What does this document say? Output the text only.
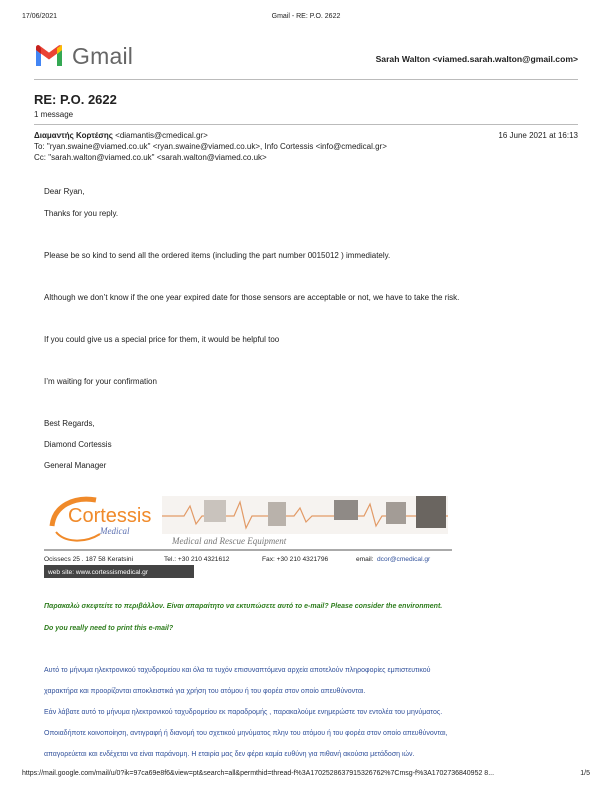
17/06/2021	Gmail - RE: P.O. 2622
Gmail	Sarah Walton <viamed.sarah.walton@gmail.com>
RE: P.O. 2622
1 message
Διαμαντής Κορτέσης <diamantis@cmedical.gr>	16 June 2021 at 16:13
To: "ryan.swaine@viamed.co.uk" <ryan.swaine@viamed.co.uk>, Info Cortessis <info@cmedical.gr>
Cc: "sarah.walton@viamed.co.uk" <sarah.walton@viamed.co.uk>

Dear Ryan,

Thanks for you reply.

Please be so kind to send all the ordered items (including the part number 0015012 ) immediately.

Although we don’t know if the one year expired date for those sensors are acceptable or not, we have to take the risk.

If you could give us a special price for them, it would be helpful too

I’m waiting for your confirmation

Best Regards,

Diamond Cortessis

General Manager

Cortessis
Medical
Medical and Rescue Equipment
Ocissecs 25 . 187 58 Keratsini	Tel.: +30 210 4321612	Fax: +30 210 4321796	email: dcor@cmedical.gr
web site: www.cortessismedical.gr
Παρακαλώ σκεφτείτε το περιβάλλον. Είναι απαραίτητο να εκτυπώσετε αυτό το e-mail? Please consider the environment.
Do you really need to print this e-mail?
Αυτό το μήνυμα ηλεκτρονικού ταχυδρομείου και όλα τα τυχόν επισυναπτόμενα αρχεία αποτελούν πληροφορίες εμπιστευτικού
χαρακτήρα και προορίζονται αποκλειστικά για χρήση του ατόμου ή του φορέα στον οποίο απευθύνονται.
Εάν λάβατε αυτό το μήνυμα ηλεκτρονικού ταχυδρομείου εκ παραδρομής , παρακαλούμε ενημερώστε τον εντολέα του μηνύματος.
Οποιαδήποτε κοινοποίηση, αντιγραφή ή διανομή του σχετικού μηνύματος πλην του ατόμου ή του φορέα στον οποίο απευθύνονται,
απαγορεύεται και ενδέχεται να είναι παράνομη. Η εταιρία μας δεν φέρει καμία ευθύνη για πιθανή ακούσια μετάδοση ιών.
https://mail.google.com/mail/u/0?ik=97ca69e8f6&view=pt&search=all&permthid=thread-f%3A1702528637915326762%7Cmsg-f%3A1702736840952 8...	1/5
